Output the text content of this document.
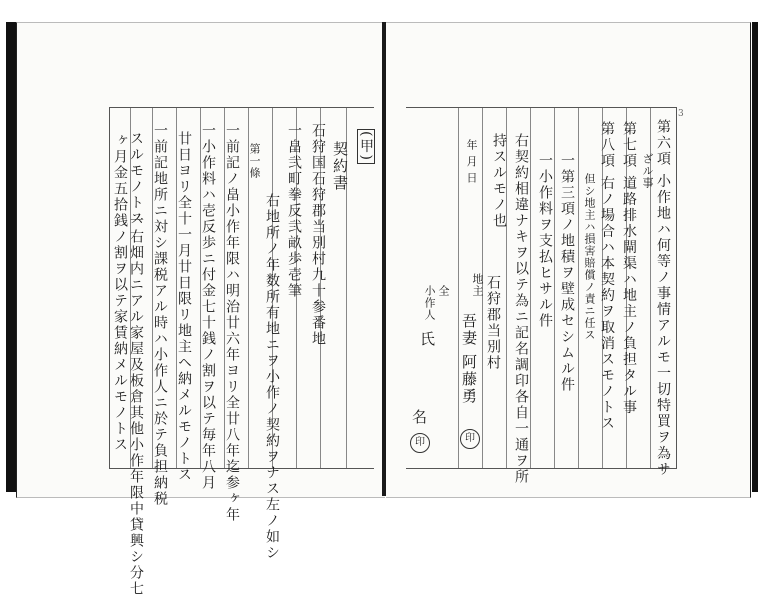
(甲)
契約書
石狩国石狩郡当別村九十参番地
一畠弐町拳反弐畝歩壱筆
右地所ノ年数所有地ニヲ小作ノ契約ヲナス左ノ如シ
第一條
一前記ノ畠小作年限ハ明治廿六年ヨリ全廿八年迄参ヶ年
一小作料ハ壱反歩ニ付金七十銭ノ割ヲ以テ毎年八月
廿日ヨリ全十一月廿日限リ地主ヘ納メルモノトス
一前記地所ニ対シ課税アル時ハ小作人ニ於テ負担納税
スルモノトス
一右畑内ニアル家屋及板倉其他小作年限中貸興シ分七
ヶ月金五拾銭ノ割ヲ以テ家賃納メルモノトス
3
第六項 小作地ハ何等ノ事情アルモ一切特買ヲ為サ
ざル事
第七項 道路排水閘渠ハ地主ノ負担タル事
第八項 右ノ場合ハ本契約ヲ取消スモノトス
但シ地主ハ損害賠償ノ責ニ任ス
一第三項ノ地積ヲ壁成セシムル件
一小作料ヲ支払ヒサル件
右契約相違ナキヲ以テ為ニ記名調印各自一通ヲ所
持スルモノ也
年 月 日
石狩郡当別村
地主
吾妻 阿藤勇
印
全
小作人
氏
名
印
